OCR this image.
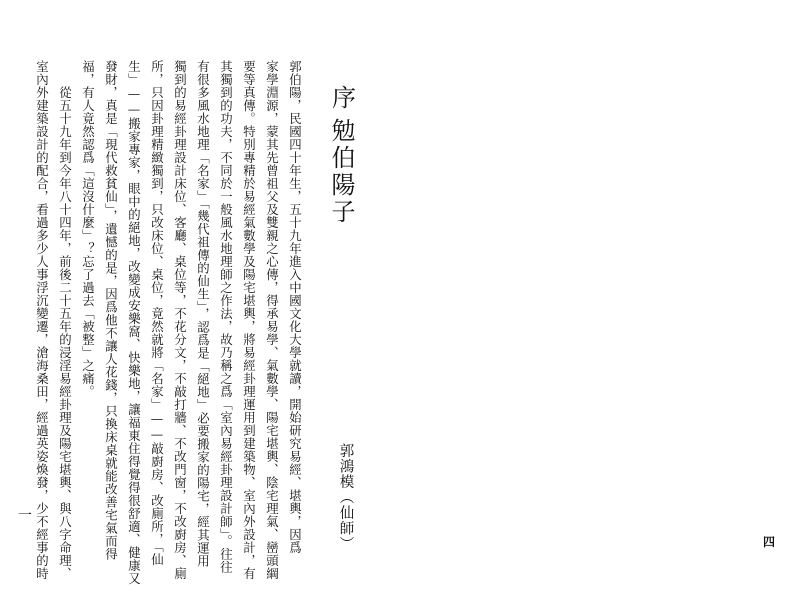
序
勉伯陽子
郭鴻模（仙師）
郭伯陽，民國四十年生，五十九年進入中國文化大學就讀，開始研究易經、堪輿，因爲
家學淵源，蒙其先曾祖父及雙親之心傳，得承易學、氣數學、陽宅堪輿、陰宅理氣、巒頭綱
要等真傳。特別專精於易經氣數學及陽宅堪輿，將易經卦理運用到建築物、室內外設計，有
其獨到的功夫，不同於一般風水地理師之作法，故乃稱之爲「室內易經卦理設計師」。往往
有很多風水地理「名家」「幾代祖傳的仙生」，認爲是「絕地」必要搬家的陽宅，經其運用
獨到的易經卦理設計床位、客廳、桌位等，不花分文，不敲打牆、不改門窗，不改廚房、廁
所，只因卦理精緻獨到，只改床位、桌位，竟然就將「名家」——敲廚房、改廁所，「仙
生」——搬家專家，眼中的絕地，改變成安樂窩、快樂地，讓福東住得覺得很舒適、健康又
發財，真是「現代救貧仙」，遺憾的是，因爲他不讓人花錢，只換床桌就能改善宅氣而得
福，有人竟然認爲「這沒什麼」？忘了過去「被整」之痛。
　　從五十九年到今年八十四年，前後二十五年的浸淫易經卦理及陽宅堪輿、與八字命理、
室內外建築設計的配合，看過多少人事浮沉變遷，滄海桑田，經過英姿煥發，少不經事的時	四
一
